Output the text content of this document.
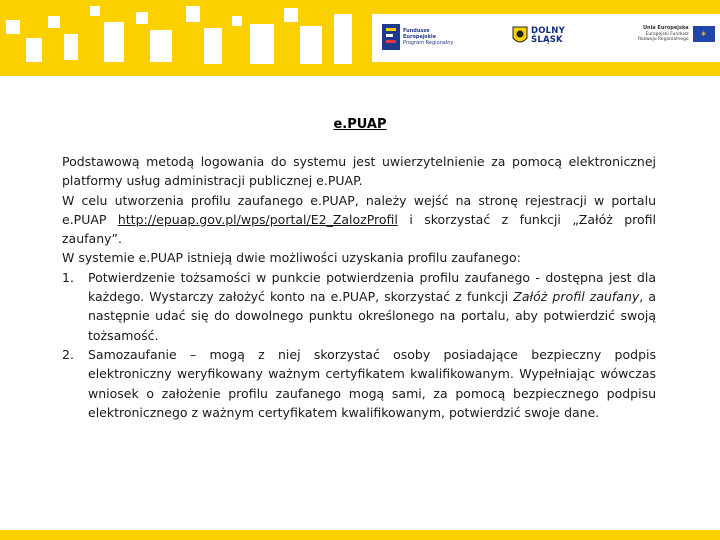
Fundusze
Europejskie
Program Regionalny
DOLNY
ŚLĄSK
Unia Europejska
Europejski Fundusz
Rozwoju Regionalnego
✶
e.PUAP

Podstawową metodą logowania do systemu jest uwierzytelnienie za pomocą elektronicznej platformy usług administracji publicznej e.PUAP.

W celu utworzenia profilu zaufanego e.PUAP, należy wejść na stronę rejestracji w portalu e.PUAP http://epuap.gov.pl/wps/portal/E2_ZalozProfil i skorzystać z funkcji „Załóż profil zaufany”.

W systemie e.PUAP istnieją dwie możliwości uzyskania profilu zaufanego:

1. Potwierdzenie tożsamości w punkcie potwierdzenia profilu zaufanego - dostępna jest dla każdego. Wystarczy założyć konto na e.PUAP, skorzystać z funkcji Załóż profil zaufany, a następnie udać się do dowolnego punktu określonego na portalu, aby potwierdzić swoją tożsamość.
2. Samozaufanie – mogą z niej skorzystać osoby posiadające bezpieczny podpis elektroniczny weryfikowany ważnym certyfikatem kwalifikowanym. Wypełniając wówczas wniosek o założenie profilu zaufanego mogą sami, za pomocą bezpiecznego podpisu elektronicznego z ważnym certyfikatem kwalifikowanym, potwierdzić swoje dane.
